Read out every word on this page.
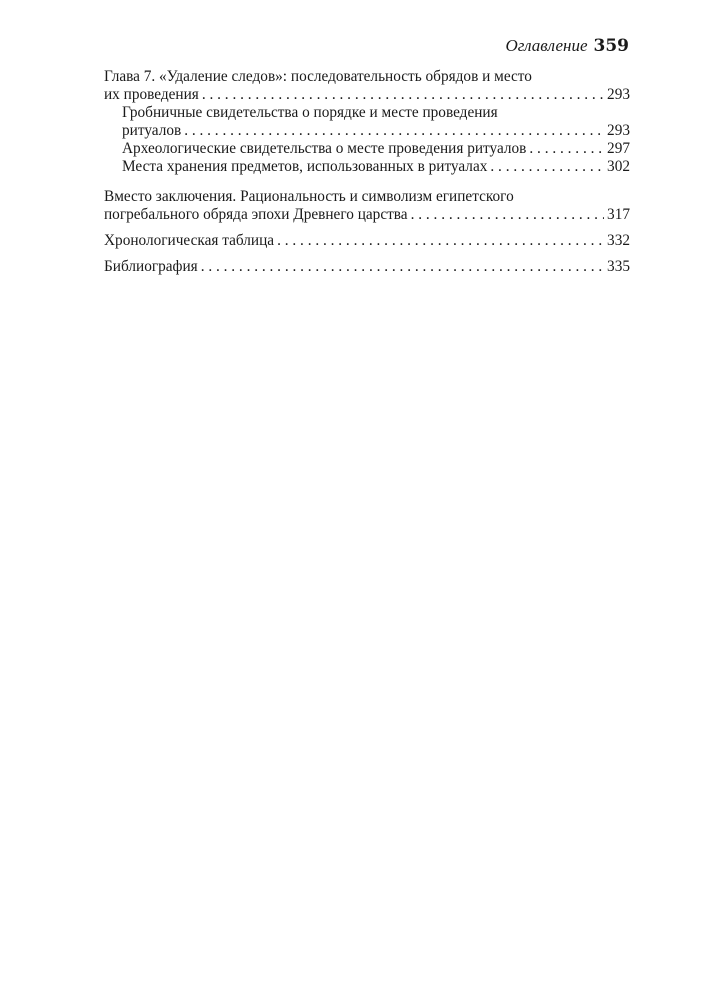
Оглавление 359
Глава 7. «Удаление следов»: последовательность обрядов и место
их проведения . . .	293
Гробничные свидетельства о порядке и месте проведения
ритуалов . . .	293
Археологические свидетельства о месте проведения ритуалов . . .	297
Места хранения предметов, использованных в ритуалах . . .	302
Вместо заключения. Рациональность и символизм египетского
погребального обряда эпохи Древнего царства . . .	317
Хронологическая таблица . . .	332
Библиография . . .	335
